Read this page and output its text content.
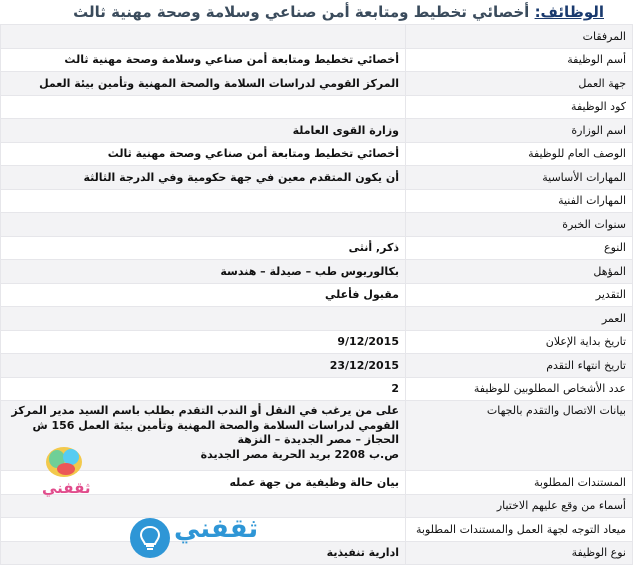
الوظائف: أخصائي تخطيط ومتابعة أمن صناعي وسلامة وصحة مهنية ثالث
المرفقات	
أسم الوظيفة	أخصائي تخطيط ومتابعة أمن صناعي وسلامة وصحة مهنية ثالث
جهة العمل	المركز القومي لدراسات السلامة والصحة المهنية وتأمين بيئة العمل
كود الوظيفة	
اسم الوزارة	وزارة القوى العاملة
الوصف العام للوظيفة	أخصائي تخطيط ومتابعة أمن صناعي وصحة مهنية ثالث
المهارات الأساسية	أن يكون المتقدم معين في جهة حكومية وفي الدرجة الثالثة
المهارات الفنية	
سنوات الخبرة	
النوع	ذكر, أنثى
المؤهل	بكالوريوس طب – صيدلة – هندسة
التقدير	مقبول فأعلي
العمر	
تاريخ بداية الإعلان	9/12/2015
تاريخ انتهاء التقدم	23/12/2015
عدد الأشخاص المطلوبين للوظيفة	2
بيانات الاتصال والتقدم بالجهات	على من يرغب في النقل أو الندب التقدم بطلب باسم السيد مدير المركز القومي لدراسات السلامة والصحة المهنية وتأمين بيئة العمل 156 ش الحجاز – مصر الجديدة – النزهة
ص.ب 2208 بريد الحرية مصر الجديدة

المستندات المطلوبة	بيان حالة وظيفية من جهة عمله
أسماء من وقع عليهم الاختيار	
ميعاد التوجه لجهة العمل والمستندات المطلوبة	
نوع الوظيفة	ادارية تنفيذية
ثقفني
ثقفني
